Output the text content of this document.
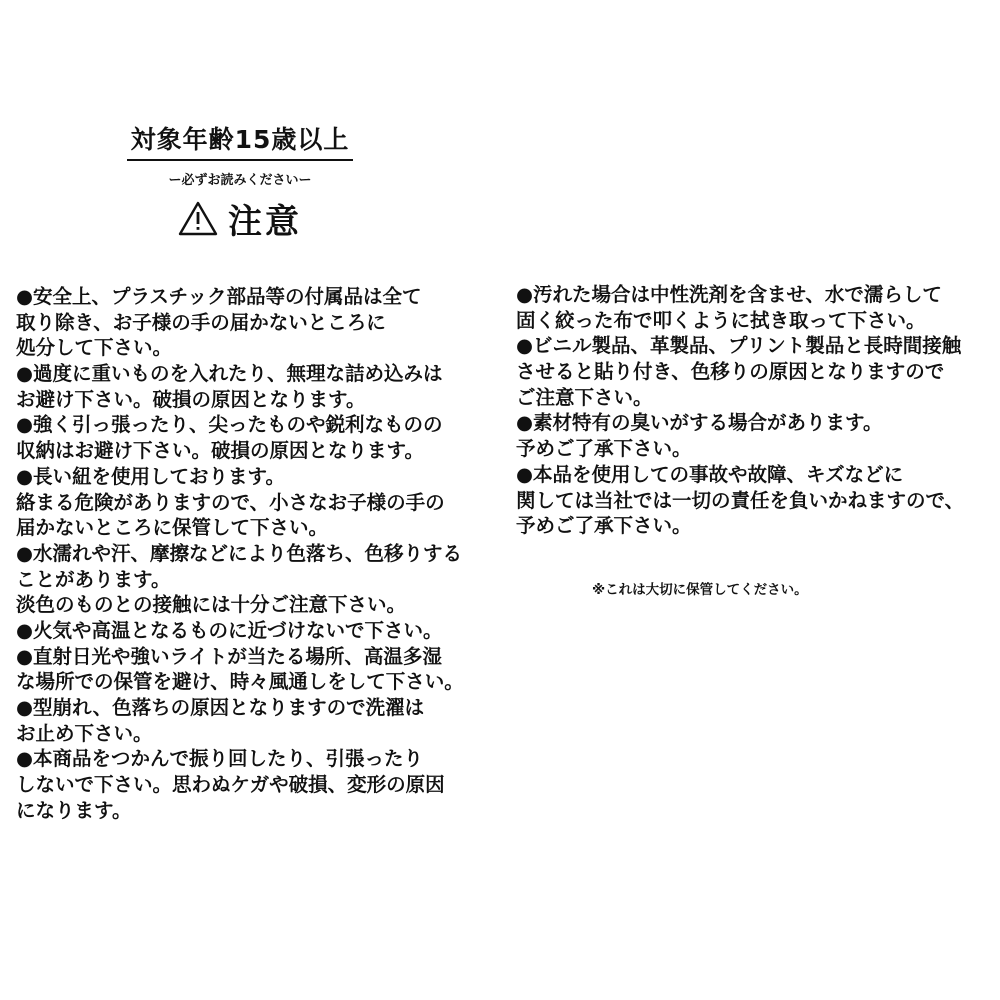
対象年齢15歳以上
ー必ずお読みくださいー
注意
●安全上、プラスチック部品等の付属品は全て
取り除き、お子様の手の届かないところに
処分して下さい。
●過度に重いものを入れたり、無理な詰め込みは
お避け下さい。破損の原因となります。
●強く引っ張ったり、尖ったものや鋭利なものの
収納はお避け下さい。破損の原因となります。
●長い紐を使用しております。
絡まる危険がありますので、小さなお子様の手の
届かないところに保管して下さい。
●水濡れや汗、摩擦などにより色落ち、色移りする
ことがあります。
淡色のものとの接触には十分ご注意下さい。
●火気や高温となるものに近づけないで下さい。
●直射日光や強いライトが当たる場所、高温多湿
な場所での保管を避け、時々風通しをして下さい。
●型崩れ、色落ちの原因となりますので洗濯は
お止め下さい。
●本商品をつかんで振り回したり、引張ったり
しないで下さい。思わぬケガや破損、変形の原因
になります。
●汚れた場合は中性洗剤を含ませ、水で濡らして
固く絞った布で叩くように拭き取って下さい。
●ビニル製品、革製品、プリント製品と長時間接触
させると貼り付き、色移りの原因となりますので
ご注意下さい。
●素材特有の臭いがする場合があります。
予めご了承下さい。
●本品を使用しての事故や故障、キズなどに
関しては当社では一切の責任を負いかねますので、
予めご了承下さい。
※これは大切に保管してください。
